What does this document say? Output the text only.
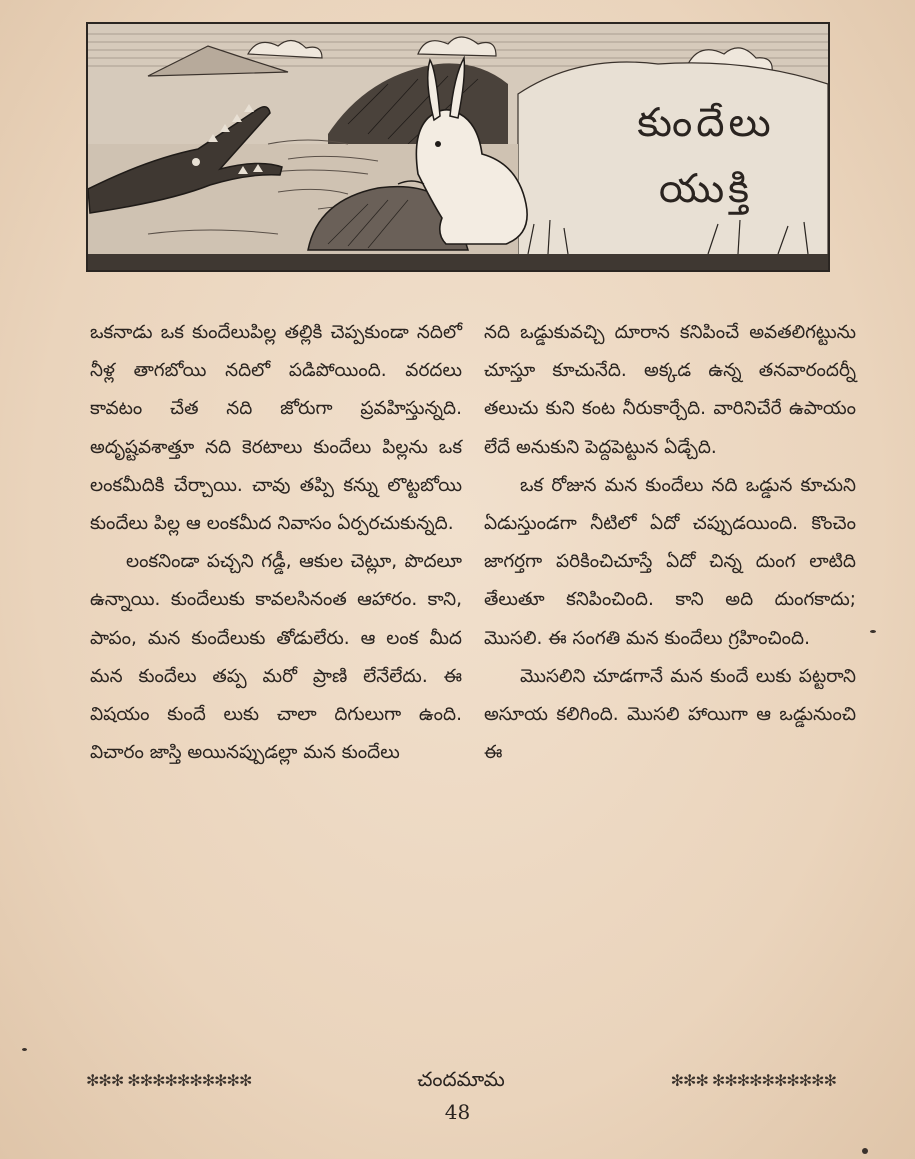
కుందేలు
యుక్తి

ఒకనాడు ఒక కుందేలుపిల్ల తల్లికి చెప్పకుండా నదిలో నీళ్ల తాగబోయి నదిలో పడిపోయింది. వరదలు కావటం చేత నది జోరుగా ప్రవహిస్తున్నది. అదృష్టవశాత్తూ నది కెరటాలు కుందేలు పిల్లను ఒక లంకమీదికి చేర్చాయి. చావు తప్పి కన్ను లొట్టబోయి కుందేలు పిల్ల ఆ లంకమీద నివాసం ఏర్పరచుకున్నది.

లంకనిండా పచ్చని గడ్డీ, ఆకుల చెట్లూ, పొదలూ ఉన్నాయి. కుందేలుకు కావలసినంత ఆహారం. కాని, పాపం, మన కుందేలుకు తోడులేరు. ఆ లంక మీద మన కుందేలు తప్ప మరో ప్రాణి లేనేలేదు. ఈ విషయం కుందే లుకు చాలా దిగులుగా ఉంది. విచారం జాస్తి అయినప్పుడల్లా మన కుందేలు

నది ఒడ్డుకువచ్చి దూరాన కనిపించే అవతలిగట్టును చూస్తూ కూచునేది. అక్కడ ఉన్న తనవారందర్నీ తలుచు కుని కంట నీరుకార్చేది. వారినిచేరే ఉపాయం లేదే అనుకుని పెద్దపెట్టున ఏడ్చేది.

ఒక రోజున మన కుందేలు నది ఒడ్డున కూచుని ఏడుస్తుండగా నీటిలో ఏదో చప్పుడయింది. కొంచెం జాగర్తగా పరికించిచూస్తే ఏదో చిన్న దుంగ లాటిది తేలుతూ కనిపించింది. కాని అది దుంగకాదు; మొసలి. ఈ సంగతి మన కుందేలు గ్రహించింది.

మొసలిని చూడగానే మన కుందే లుకు పట్టరాని అసూయ కలిగింది. మొసలి హాయిగా ఆ ఒడ్డునుంచి ఈ

✻✻✻ ✻✻✻✻✻✻✻✻✻✻	చందమామ	✻✻✻ ✻✻✻✻✻✻✻✻✻✻
48
